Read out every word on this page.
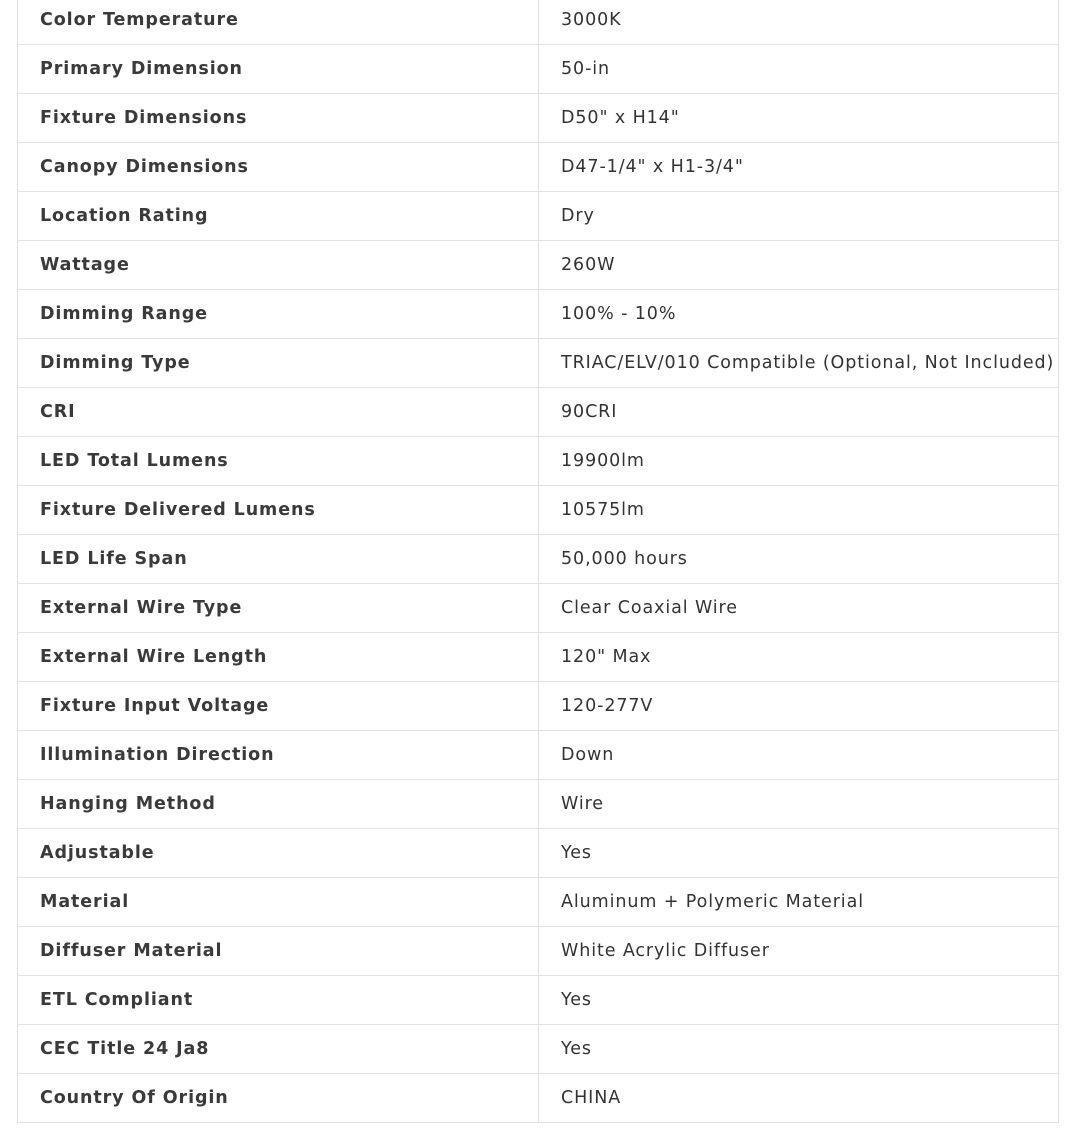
Color Temperature	3000K
Primary Dimension	50-in
Fixture Dimensions	D50" x H14"
Canopy Dimensions	D47-1/4" x H1-3/4"
Location Rating	Dry
Wattage	260W
Dimming Range	100% - 10%
Dimming Type	TRIAC/ELV/010 Compatible (Optional, Not Included)
CRI	90CRI
LED Total Lumens	19900lm
Fixture Delivered Lumens	10575lm
LED Life Span	50,000 hours
External Wire Type	Clear Coaxial Wire
External Wire Length	120" Max
Fixture Input Voltage	120-277V
Illumination Direction	Down
Hanging Method	Wire
Adjustable	Yes
Material	Aluminum + Polymeric Material
Diffuser Material	White Acrylic Diffuser
ETL Compliant	Yes
CEC Title 24 Ja8	Yes
Country Of Origin	CHINA
